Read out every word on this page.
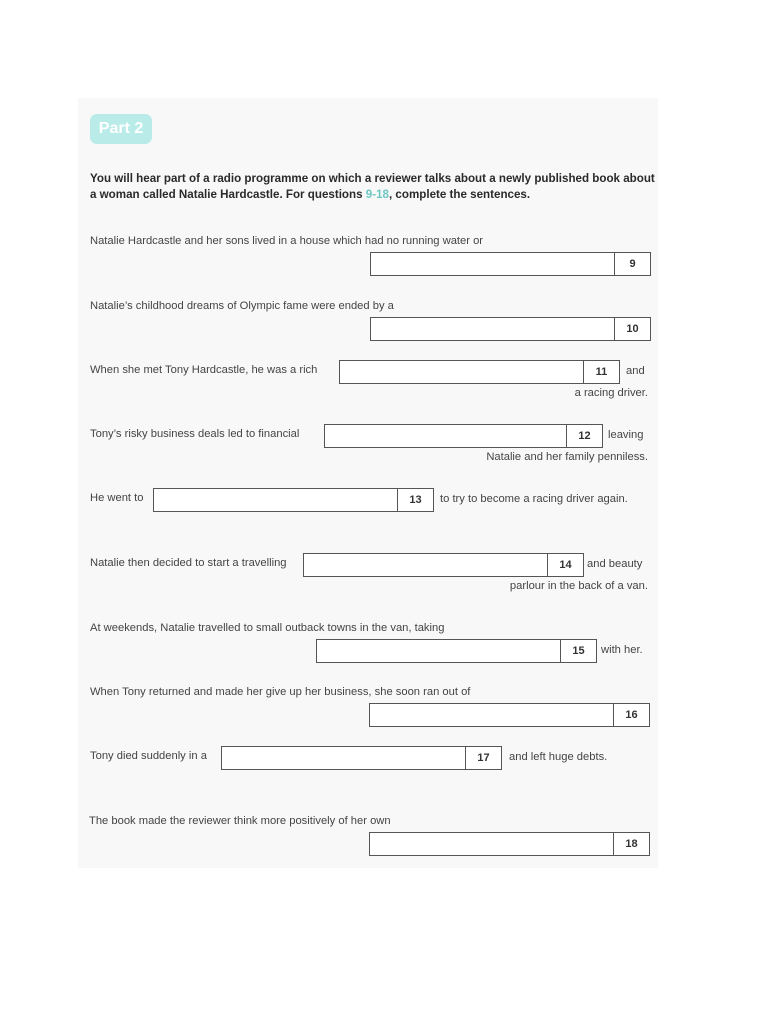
Part 2
You will hear part of a radio programme on which a reviewer talks about a newly published book about a woman called Natalie Hardcastle. For questions 9-18, complete the sentences.
Natalie Hardcastle and her sons lived in a house which had no running water or
9
Natalie’s childhood dreams of Olympic fame were ended by a
10
When she met Tony Hardcastle, he was a rich	11	and
a racing driver.
Tony’s risky business deals led to financial	12	leaving
Natalie and her family penniless.
He went to	13	to try to become a racing driver again.
Natalie then decided to start a travelling	14	and beauty
parlour in the back of a van.
At weekends, Natalie travelled to small outback towns in the van, taking
15	with her.
When Tony returned and made her give up her business, she soon ran out of
16
Tony died suddenly in a	17	and left huge debts.
The book made the reviewer think more positively of her own
18
